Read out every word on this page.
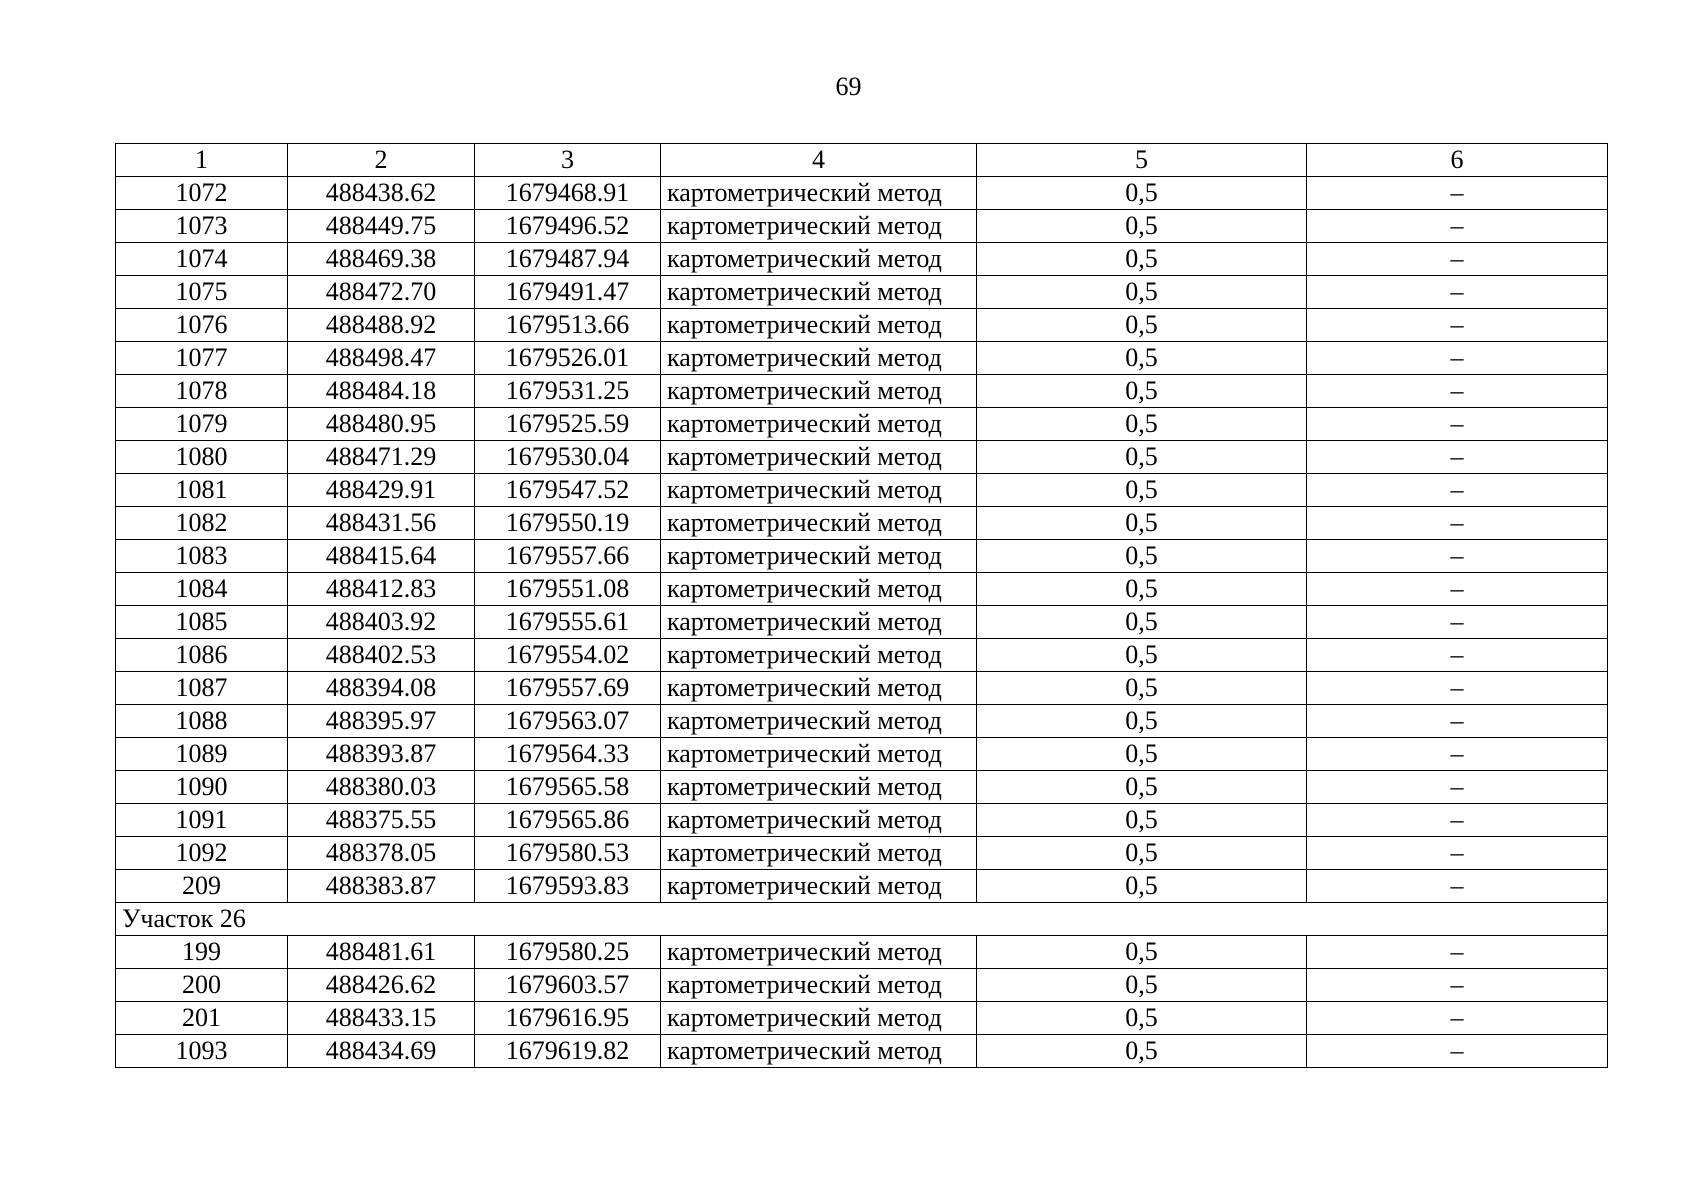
69
1	2	3	4	5	6
1072	488438.62	1679468.91	картометрический метод	0,5	–
1073	488449.75	1679496.52	картометрический метод	0,5	–
1074	488469.38	1679487.94	картометрический метод	0,5	–
1075	488472.70	1679491.47	картометрический метод	0,5	–
1076	488488.92	1679513.66	картометрический метод	0,5	–
1077	488498.47	1679526.01	картометрический метод	0,5	–
1078	488484.18	1679531.25	картометрический метод	0,5	–
1079	488480.95	1679525.59	картометрический метод	0,5	–
1080	488471.29	1679530.04	картометрический метод	0,5	–
1081	488429.91	1679547.52	картометрический метод	0,5	–
1082	488431.56	1679550.19	картометрический метод	0,5	–
1083	488415.64	1679557.66	картометрический метод	0,5	–
1084	488412.83	1679551.08	картометрический метод	0,5	–
1085	488403.92	1679555.61	картометрический метод	0,5	–
1086	488402.53	1679554.02	картометрический метод	0,5	–
1087	488394.08	1679557.69	картометрический метод	0,5	–
1088	488395.97	1679563.07	картометрический метод	0,5	–
1089	488393.87	1679564.33	картометрический метод	0,5	–
1090	488380.03	1679565.58	картометрический метод	0,5	–
1091	488375.55	1679565.86	картометрический метод	0,5	–
1092	488378.05	1679580.53	картометрический метод	0,5	–
209	488383.87	1679593.83	картометрический метод	0,5	–
Участок 26					
199	488481.61	1679580.25	картометрический метод	0,5	–
200	488426.62	1679603.57	картометрический метод	0,5	–
201	488433.15	1679616.95	картометрический метод	0,5	–
1093	488434.69	1679619.82	картометрический метод	0,5	–
